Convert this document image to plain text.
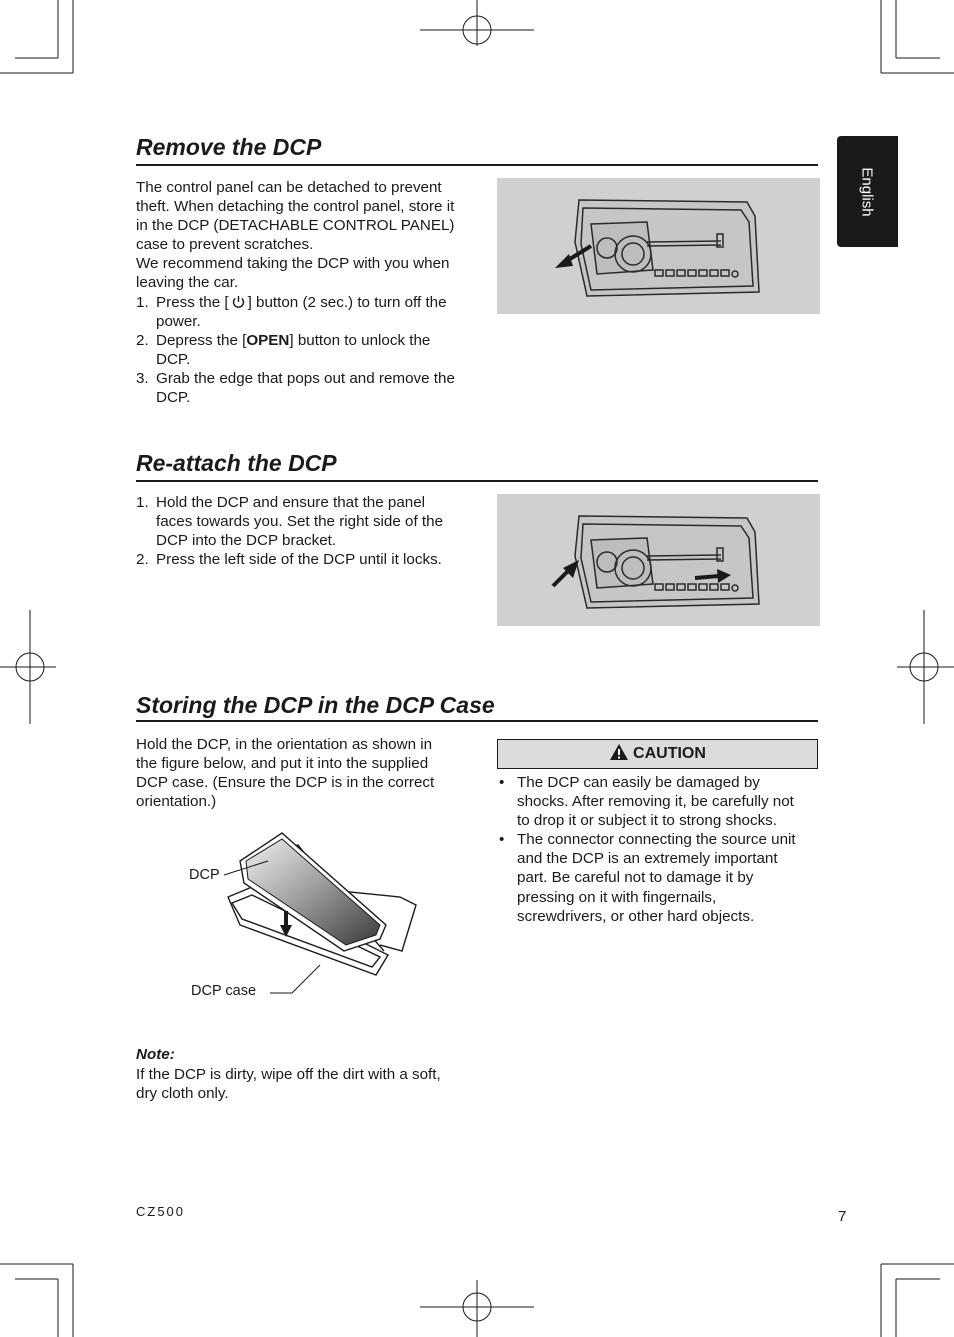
English
Remove the DCP

The control panel can be detached to prevent theft. When detaching the control panel, store it in the DCP (DETACHABLE CONTROL PANEL) case to prevent scratches.

We recommend taking the DCP with you when leaving the car.

1. Press the [ ] button (2 sec.) to turn off the power.
2. Depress the [OPEN] button to unlock the DCP.
3. Grab the edge that pops out and remove the DCP.
Re-attach the DCP
1. Hold the DCP and ensure that the panel faces towards you. Set the right side of the DCP into the DCP bracket.
2. Press the left side of the DCP until it locks.
Storing the DCP in the DCP Case

Hold the DCP, in the orientation as shown in the figure below, and put it into the supplied DCP case. (Ensure the DCP is in the correct orientation.)

DCP
DCP case

Note:

If the DCP is dirty, wipe off the dirt with a soft, dry cloth only.

CAUTION
• The DCP can easily be damaged by shocks. After removing it, be carefully not to drop it or subject it to strong shocks.
• The connector connecting the source unit and the DCP is an extremely important part. Be careful not to damage it by pressing on it with fingernails, screwdrivers, or other hard objects.
CZ500	7
